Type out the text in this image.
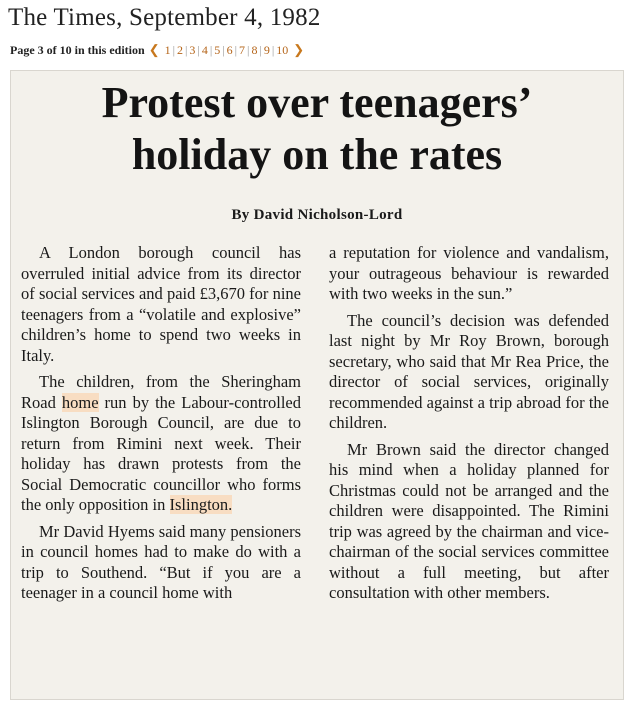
The Times, September 4, 1982
Page 3 of 10 in this edition ❮ 1 | 2 | 3 | 4 | 5 | 6 | 7 | 8 | 9 | 10 ❯
Protest over teenagers’
holiday on the rates
By David Nicholson-Lord

A London borough council has overruled initial advice from its director of social services and paid £3,670 for nine teenagers from a “volatile and explosive” children’s home to spend two weeks in Italy.

The children, from the Sheringham Road home run by the Labour-controlled Islington Borough Council, are due to return from Rimini next week. Their holiday has drawn protests from the Social Democratic councillor who forms the only opposition in Islington.

Mr David Hyems said many pensioners in council homes had to make do with a trip to Southend. “But if you are a teenager in a council home with

a reputation for violence and vandalism, your outrageous behaviour is rewarded with two weeks in the sun.”

The council’s decision was defended last night by Mr Roy Brown, borough secretary, who said that Mr Rea Price, the director of social services, originally recommended against a trip abroad for the children.

Mr Brown said the director changed his mind when a holiday planned for Christmas could not be arranged and the children were disappointed. The Rimini trip was agreed by the chairman and vice-chairman of the social services committee without a full meeting, but after consultation with other members.
